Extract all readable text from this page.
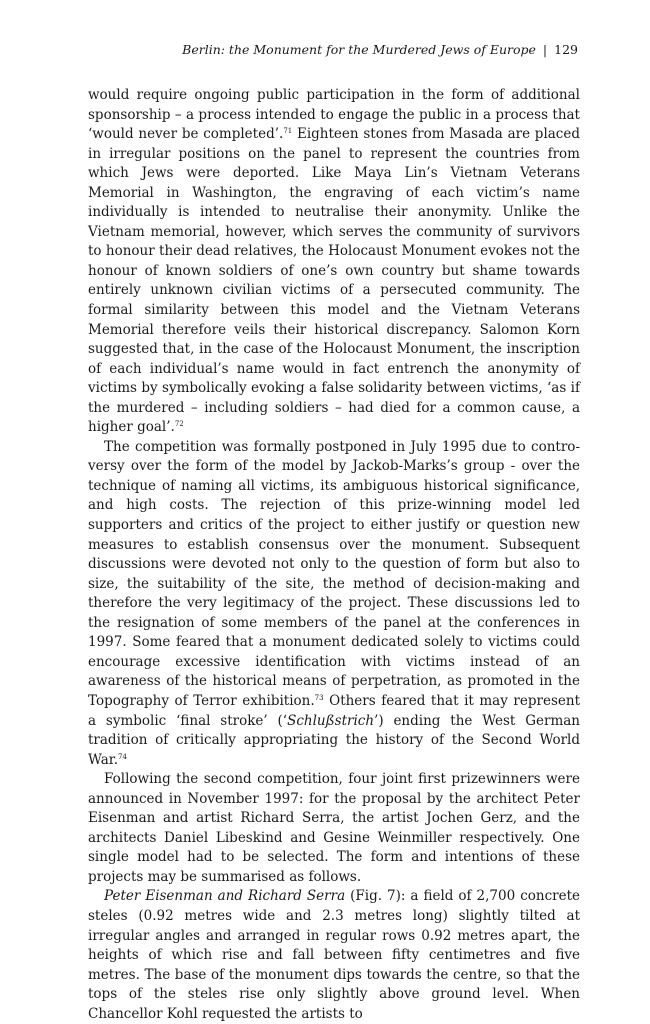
Berlin: the Monument for the Murdered Jews of Europe | 129

would require ongoing public participation in the form of additional sponsorship – a process intended to engage the public in a process that ‘would never be completed’.$^{71}$ Eighteen stones from Masada are placed in irregular positions on the panel to represent the countries from which Jews were deported. Like Maya Lin’s Vietnam Veterans Memorial in Washington, the engraving of each victim’s name individually is intended to neutralise their anonymity. Unlike the Vietnam memorial, however, which serves the community of survivors to honour their dead relatives, the Holocaust Monument evokes not the honour of known soldiers of one’s own country but shame towards entirely unknown civilian victims of a persecuted community. The formal similarity between this model and the Vietnam Veterans Memorial therefore veils their historical discrepancy. Salomon Korn suggested that, in the case of the Holocaust Monument, the inscription of each individual’s name would in fact entrench the anonymity of victims by symbolically evoking a false solidarity between victims, ‘as if the murdered – including soldiers – had died for a common cause, a higher goal’.$^{72}$

The competition was formally postponed in July 1995 due to controversy over the form of the model by Jackob-Marks’s group - over the technique of naming all victims, its ambiguous historical significance, and high costs. The rejection of this prize-winning model led supporters and critics of the project to either justify or question new measures to establish consensus over the monument. Subsequent discussions were devoted not only to the question of form but also to size, the suitability of the site, the method of decision-making and therefore the very legitimacy of the project. These discussions led to the resignation of some members of the panel at the conferences in 1997. Some feared that a monument dedicated solely to victims could encourage excessive identification with victims instead of an awareness of the historical means of perpetration, as promoted in the Topography of Terror exhibition.$^{73}$ Others feared that it may represent a symbolic ‘final stroke’ (‘Schlußstrich’) ending the West German tradition of critically appropriating the history of the Second World War.$^{74}$

Following the second competition, four joint first prizewinners were announced in November 1997: for the proposal by the architect Peter Eisenman and artist Richard Serra, the artist Jochen Gerz, and the architects Daniel Libeskind and Gesine Weinmiller respectively. One single model had to be selected. The form and intentions of these projects may be summarised as follows.

Peter Eisenman and Richard Serra (Fig. 7): a field of 2,700 concrete steles (0.92 metres wide and 2.3 metres long) slightly tilted at irregular angles and arranged in regular rows 0.92 metres apart, the heights of which rise and fall between fifty centimetres and five metres. The base of the monument dips towards the centre, so that the tops of the steles rise only slightly above ground level. When Chancellor Kohl requested the artists to
